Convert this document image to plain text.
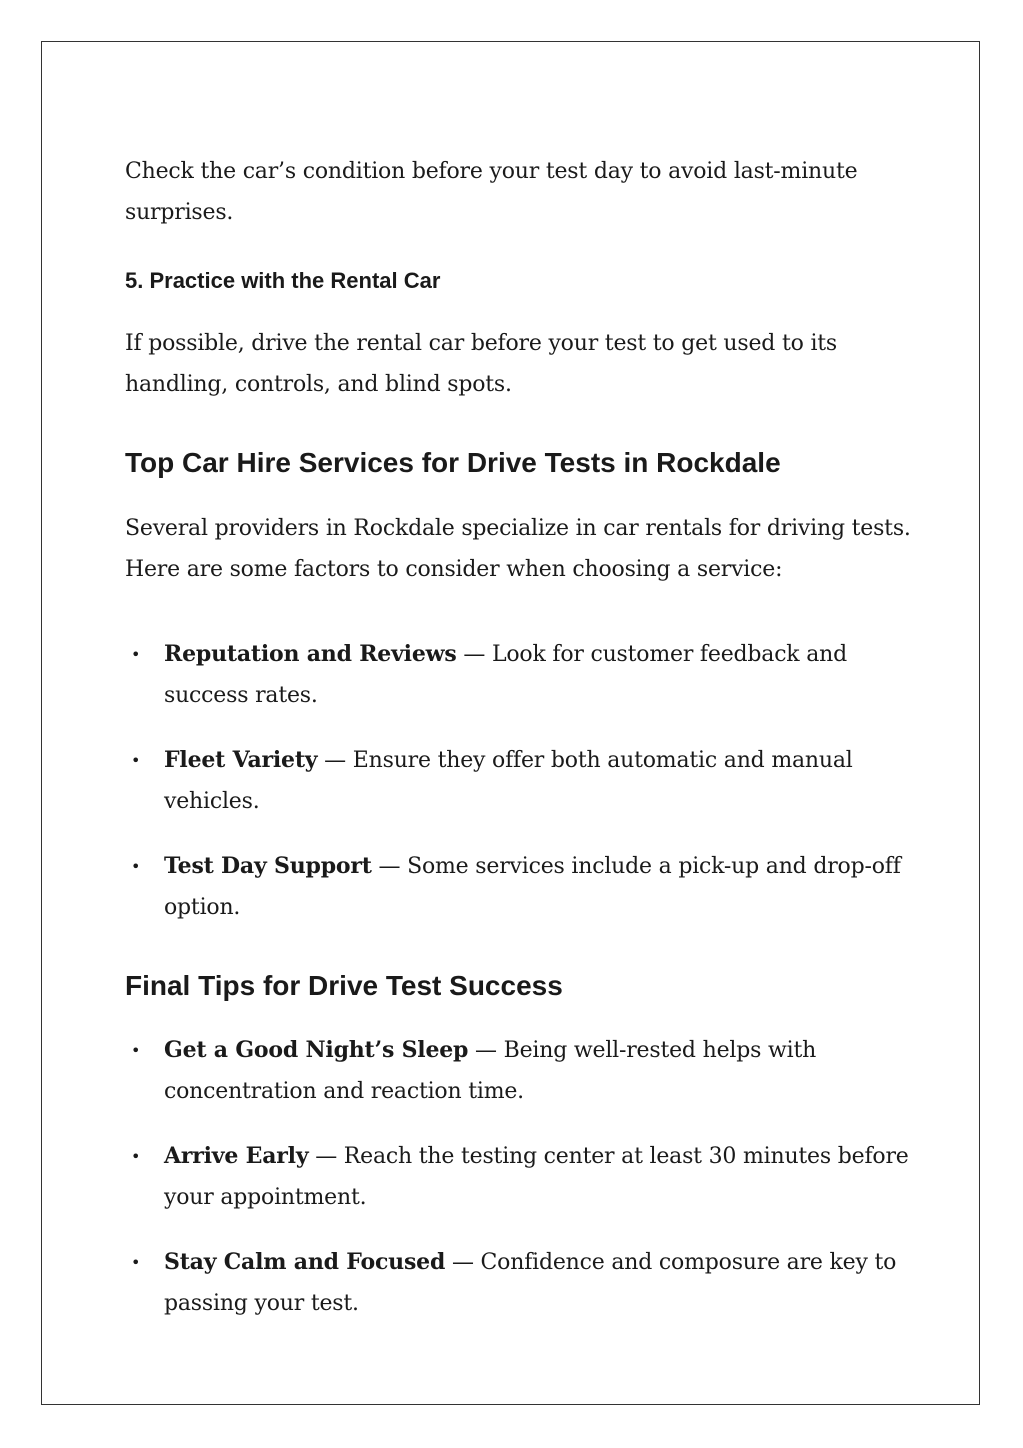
Check the car’s condition before your test day to avoid last-minute surprises.

5. Practice with the Rental Car

If possible, drive the rental car before your test to get used to its handling, controls, and blind spots.

Top Car Hire Services for Drive Tests in Rockdale

Several providers in Rockdale specialize in car rentals for driving tests. Here are some factors to consider when choosing a service:

• Reputation and Reviews — Look for customer feedback and success rates.
• Fleet Variety — Ensure they offer both automatic and manual vehicles.
• Test Day Support — Some services include a pick-up and drop-off option.
Final Tips for Drive Test Success
• Get a Good Night’s Sleep — Being well-rested helps with concentration and reaction time.
• Arrive Early — Reach the testing center at least 30 minutes before your appointment.
• Stay Calm and Focused — Confidence and composure are key to passing your test.
